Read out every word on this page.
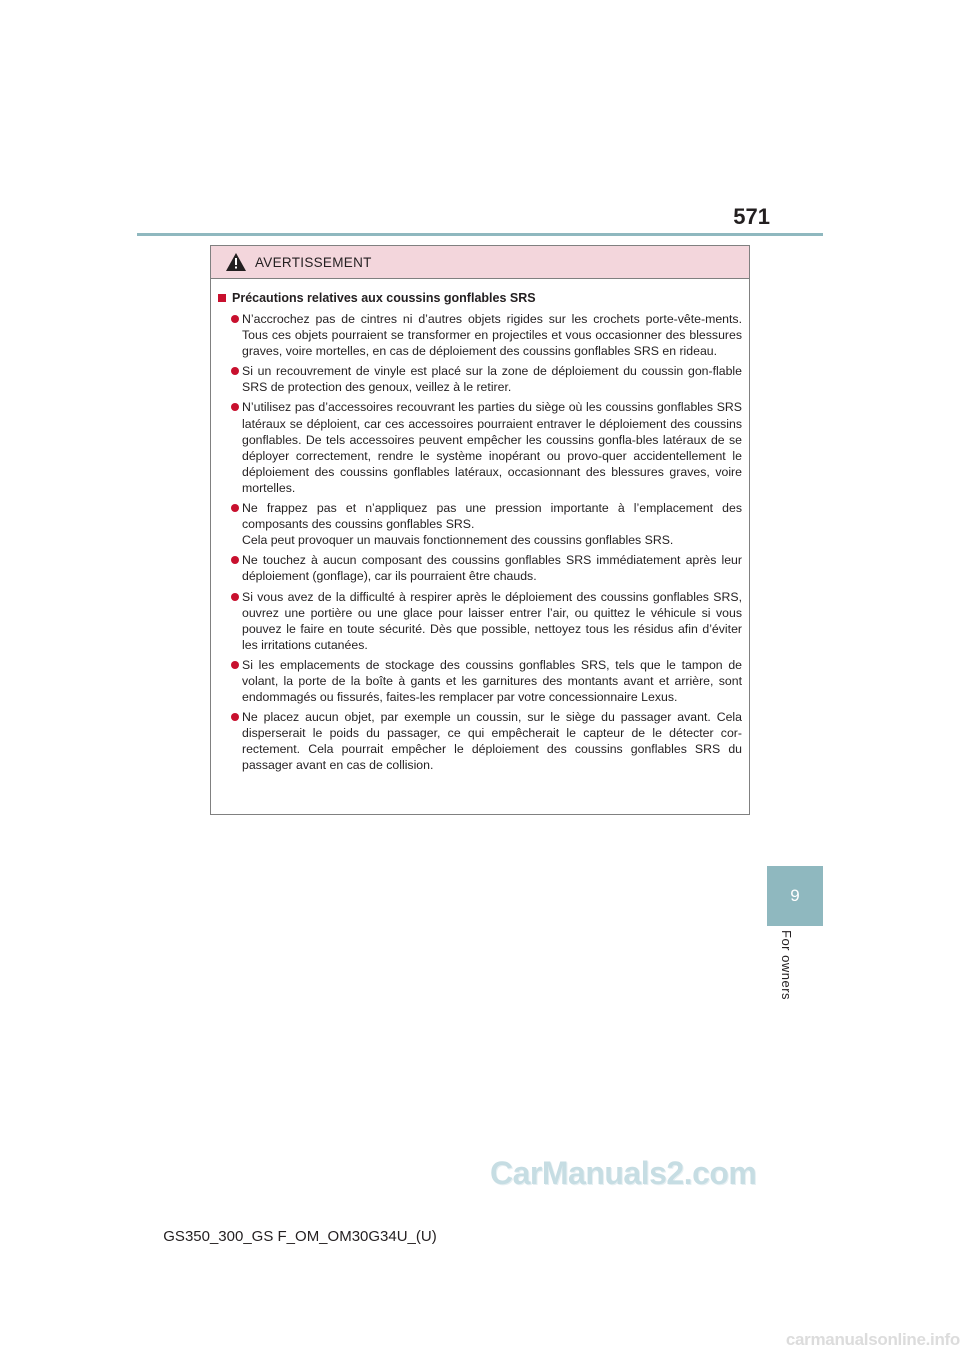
571
AVERTISSEMENT
Précautions relatives aux coussins gonflables SRS

N’accrochez pas de cintres ni d’autres objets rigides sur les crochets porte-vête-ments. Tous ces objets pourraient se transformer en projectiles et vous occasionner des blessures graves, voire mortelles, en cas de déploiement des coussins gonflables SRS en rideau.

Si un recouvrement de vinyle est placé sur la zone de déploiement du coussin gon-flable SRS de protection des genoux, veillez à le retirer.

N’utilisez pas d’accessoires recouvrant les parties du siège où les coussins gonflables SRS latéraux se déploient, car ces accessoires pourraient entraver le déploiement des coussins gonflables. De tels accessoires peuvent empêcher les coussins gonfla-bles latéraux de se déployer correctement, rendre le système inopérant ou provo-quer accidentellement le déploiement des coussins gonflables latéraux, occasionnant des blessures graves, voire mortelles.

Ne frappez pas et n’appliquez pas une pression importante à l’emplacement des composants des coussins gonflables SRS.

Cela peut provoquer un mauvais fonctionnement des coussins gonflables SRS.

Ne touchez à aucun composant des coussins gonflables SRS immédiatement après leur déploiement (gonflage), car ils pourraient être chauds.

Si vous avez de la difficulté à respirer après le déploiement des coussins gonflables SRS, ouvrez une portière ou une glace pour laisser entrer l’air, ou quittez le véhicule si vous pouvez le faire en toute sécurité. Dès que possible, nettoyez tous les résidus afin d’éviter les irritations cutanées.

Si les emplacements de stockage des coussins gonflables SRS, tels que le tampon de volant, la porte de la boîte à gants et les garnitures des montants avant et arrière, sont endommagés ou fissurés, faites-les remplacer par votre concessionnaire Lexus.

Ne placez aucun objet, par exemple un coussin, sur le siège du passager avant. Cela disperserait le poids du passager, ce qui empêcherait le capteur de le détecter cor-rectement. Cela pourrait empêcher le déploiement des coussins gonflables SRS du passager avant en cas de collision.

9
For owners
CarManuals2.com
GS350_300_GS F_OM_OM30G34U_(U)
carmanualsonline.info
